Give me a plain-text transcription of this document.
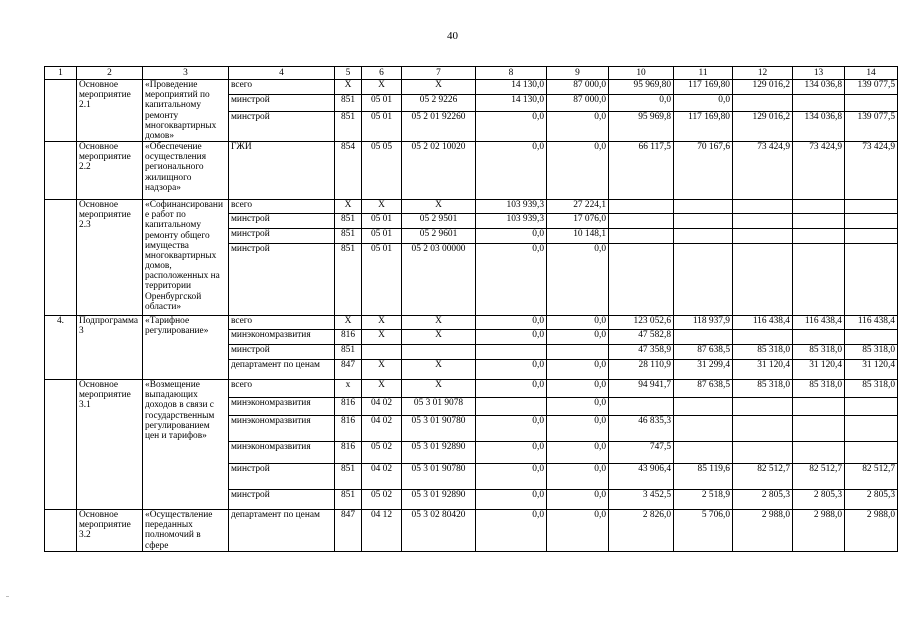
40
1	2	3	4	5	6	7	8	9	10	11	12	13	14
	Основное мероприятие 2.1	«Проведение мероприятий по капитальному ремонту многоквартирных домов»	всего	X	X	X	14 130,0	87 000,0	95 969,80	117 169,80	129 016,2	134 036,8	139 077,5
			минстрой	851	05 01	05 2 9226	14 130,0	87 000,0	0,0	0,0			
			минстрой	851	05 01	05 2 01 92260	0,0	0,0	95 969,8	117 169,80	129 016,2	134 036,8	139 077,5
	Основное мероприятие 2.2	«Обеспечение осуществления регионального жилищного надзора»	ГЖИ	854	05 05	05 2 02 10020	0,0	0,0	66 117,5	70 167,6	73 424,9	73 424,9	73 424,9
	Основное мероприятие 2.3	«Софинансирование работ по капитальному ремонту общего имущества многоквартирных домов, расположенных на территории Оренбургской области»	всего	X	X	X	103 939,3	27 224,1					
			минстрой	851	05 01	05 2 9501	103 939,3	17 076,0					
			минстрой	851	05 01	05 2 9601	0,0	10 148,1					
			минстрой	851	05 01	05 2 03 00000	0,0	0,0					
4.	Подпрограмма 3	«Тарифное регулирование»	всего	X	X	X	0,0	0,0	123 052,6	118 937,9	116 438,4	116 438,4	116 438,4
			минэкономразвития	816	X	X	0,0	0,0	47 582,8				
			минстрой	851					47 358,9	87 638,5	85 318,0	85 318,0	85 318,0
			департамент по ценам	847	X	X	0,0	0,0	28 110,9	31 299,4	31 120,4	31 120,4	31 120,4
	Основное мероприятие 3.1	«Возмещение выпадающих доходов в связи с государственным регулированием цен и тарифов»	всего	x	X	X	0,0	0,0	94 941,7	87 638,5	85 318,0	85 318,0	85 318,0
			минэкономразвития	816	04 02	05 3 01 9078		0,0					
			минэкономразвития	816	04 02	05 3 01 90780	0,0	0,0	46 835,3				
			минэкономразвития	816	05 02	05 3 01 92890	0,0	0,0	747,5				
			минстрой	851	04 02	05 3 01 90780	0,0	0,0	43 906,4	85 119,6	82 512,7	82 512,7	82 512,7
			минстрой	851	05 02	05 3 01 92890	0,0	0,0	3 452,5	2 518,9	2 805,3	2 805,3	2 805,3
	Основное мероприятие 3.2	«Осуществление переданных полномочий в сфере	департамент по ценам	847	04 12	05 3 02 80420	0,0	0,0	2 826,0	5 706,0	2 988,0	2 988,0	2 988,0
